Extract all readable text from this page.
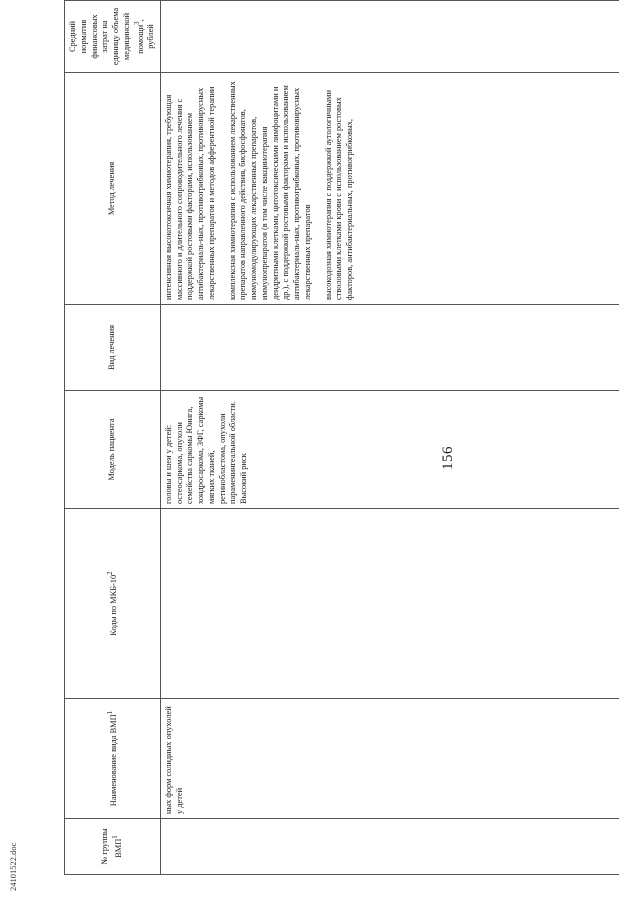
156
24101522.doc	№ группы ВМП$^1$	Наименование вида ВМП$^1$	Коды по МКБ-$10^2$	Модель пациента	Вид лечения	Метод лечения	Средний норматив финансовых затрат на единицу объема медицинской помощи$^3$, рублей
	ных форм солидных опухолей у детей		головы и шеи у детей: остеосаркома, опухоли семейства саркомы Юинга, хондросаркома, ЗФГ, саркомы мягких тканей, ретинобластома, опухоли параменингеальной области. Высокий риск		интенсивная высокотоксичная химиотерапия, требующая массивного и длительного сопроводительного лечения с поддержкой ростовыми факторами, использованием антибактериаль-ных, противогрибковых, противовирусных лекарственных препаратов и методов афферентной терапии комплексная химиотерапия с использованием лекарственных препаратов направленного действия, бисфосфонатов, иммуномодулирующих лекарственных препаратов, иммунопрепаратов (в том числе вакцинотерапия дендритными клетками, цитотоксическими лимфоцитами и др.), с поддержкой ростовыми факторами и использованием антибактериаль-ных, противогрибковых, противовирусных лекарственных препаратов высокодозная химиотерапия с поддержкой аутологичными стволовыми клетками крови с использованием ростовых факторов, антибактериальных, противогрибковых,	
